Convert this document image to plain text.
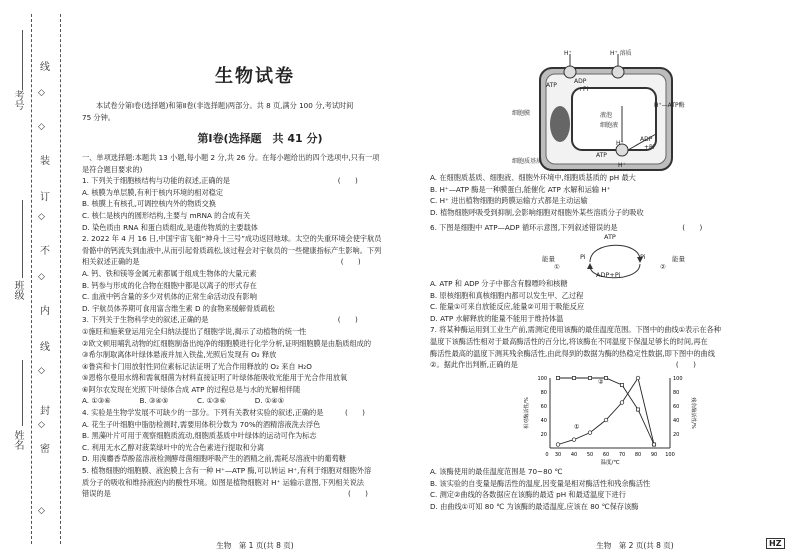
线
订
装
不
内
线
封
密
◇
◇
◇
◇
◇
◇
◇
考号
班级
姓名
生物试卷
本试卷分第Ⅰ卷(选择题)和第Ⅱ卷(非选择题)两部分。共 8 页,满分 100 分,考试时间
75 分钟。
第Ⅰ卷(选择题　共 41 分)
一、单项选择题:本题共 13 小题,每小题 2 分,共 26 分。在每小题给出的四个选项中,只有一项
是符合题目要求的)
1. 下列关于细胞核结构与功能的叙述,正确的是　　　　　　　　　　　　　　　(　　)
A. 核膜为单层膜,有利于核内环境的相对稳定
B. 核膜上有核孔,可调控核内外的物质交换
C. 核仁是核内的圆形结构,主要与 mRNA 的合成有关
D. 染色质由 RNA 和蛋白质组成,是遗传物质的主要载体
2. 2022 年 4 月 16 日,中国宇宙飞船“神舟十三号”成功返回地球。太空的失重环境会使宇航员
骨骼中的钙流失到血液中,从而引起骨质疏松,该过程会对宇航员的一些健康指标产生影响。下列
相关叙述正确的是　　　　　　　　　　　　　　　　　　　　　　　　　　　　(　　)
A. 钙、铁和镁等金属元素都属于组成生物体的大量元素
B. 钙参与形成的化合物在细胞中都是以离子的形式存在
C. 血液中钙含量的多少对机体的正常生命活动没有影响
D. 宇航员体养期可食用富含维生素 D 的食物来缓解骨质疏松
3. 下列关于生物科学史的叙述,正确的是　　　　　　　　　　　　　　　　　　(　　)
①施旺和施莱登运用完全归纳法提出了细胞学说,揭示了动植物的统一性
②欧文顿用哺乳动物的红细胞制备出纯净的细胞膜进行化学分析,证明细胞膜是由脂质组成的
③希尔制取离体叶绿体悬液并加入铁盐,光照后发现有 O₂ 释放
④鲁宾和卡门用放射性同位素标记法证明了光合作用释放的 O₂ 来自 H₂O
⑤恩格尔曼用水绵和需氧细菌为材料直接证明了叶绿体能吸收光能用于光合作用放氧
⑥阿尔农发现在光照下叶绿体合成 ATP 的过程总是与水的光解相伴随
A. ①③⑥　　　　B. ③④⑤　　　　C. ①③⑥　　　　D. ①④⑤
4. 实验是生物学发展不可缺少的一部分。下列有关教材实验的叙述,正确的是　　　(　　)
A. 花生子叶细胞中脂肪检测时,需要用体积分数为 70%的酒精溶液洗去浮色
B. 黑藻叶片可用于观察细胞质流动,细胞质基质中叶绿体的运动可作为标志
C. 利用无水乙醇对菠菜绿叶中的光合色素进行提取和分离
D. 用溴麝香草酚蓝溶液检测酵母菌细胞呼吸产生的酒精之前,需耗尽溶液中的葡萄糖
5. 植物细胞的细胞膜、液泡膜上含有一种 H⁺—ATP 酶,可以转运 H⁺,有利于细胞对细胞外溶
质分子的吸收和维持液泡内的酸性环境。如图是植物细胞对 H⁺ 运输示意图,下列相关说法
错误的是　　　　　　　　　　　　　　　　　　　　　　　　　　　　　　　　　(　　)
生物　第 1 页(共 8 页)
H⁺	H⁺ 溶质
ATP
ADP
+Pi
H⁺—ATP酶
细胞膜	液泡
细胞液
细胞质基质
H⁺
ATP
ADP
+Pi
H⁺
A. 在细胞质基质、细胞液、细胞外环境中,细胞质基质的 pH 最大
B. H⁺—ATP 酶是一种膜蛋白,能催化 ATP 水解和运输 H⁺
C. H⁺ 进出植物细胞的跨膜运输方式都是主动运输
D. 植物细胞呼吸受到抑制,会影响细胞对细胞外某些溶质分子的吸收
6. 下图是细胞中 ATP—ADP 循环示意图,下列叙述错误的是　　　　　　　　　(　　)
ATP
能量	Pi	Pi	能量
ADP+Pi
①	②
A. ATP 和 ADP 分子中都含有腺嘌呤和核糖
B. 原核细胞和真核细胞内都可以发生甲、乙过程
C. 能量①可来自放能反应,能量②可用于吸能反应
D. ATP 水解释放的能量不能用于维持体温
7. 将某种酶运用到工业生产前,需测定使用该酶的最佳温度范围。下图中的曲线①表示在各种
温度下该酶活性相对于最高酶活性的百分比,将该酶在不同温度下保温足够长的时间,再在
酶活性最高的温度下测其残余酶活性,由此得到的数据为酶的热稳定性数据,即下图中的曲线
②。据此作出判断,正确的是　　　　　　　　　　　　　　　　　　　　　　(　　)
30 40 50 60 70 80 90 100
0
20	20
40	40
60	60
80	80
100	100
温度/℃
相对酶活性/%	残余酶活性/%
①
②
A. 该酶使用的最佳温度范围是 70~80 ℃
B. 该实验的自变量是酶活性的温度,因变量是相对酶活性和残余酶活性
C. 测定②曲线的各数据应在该酶的最适 pH 和最适温度下进行
D. 由曲线①可知 80 ℃ 为该酶的最适温度,应该在 80 ℃保存该酶
生物　第 2 页(共 8 页)	HZ
